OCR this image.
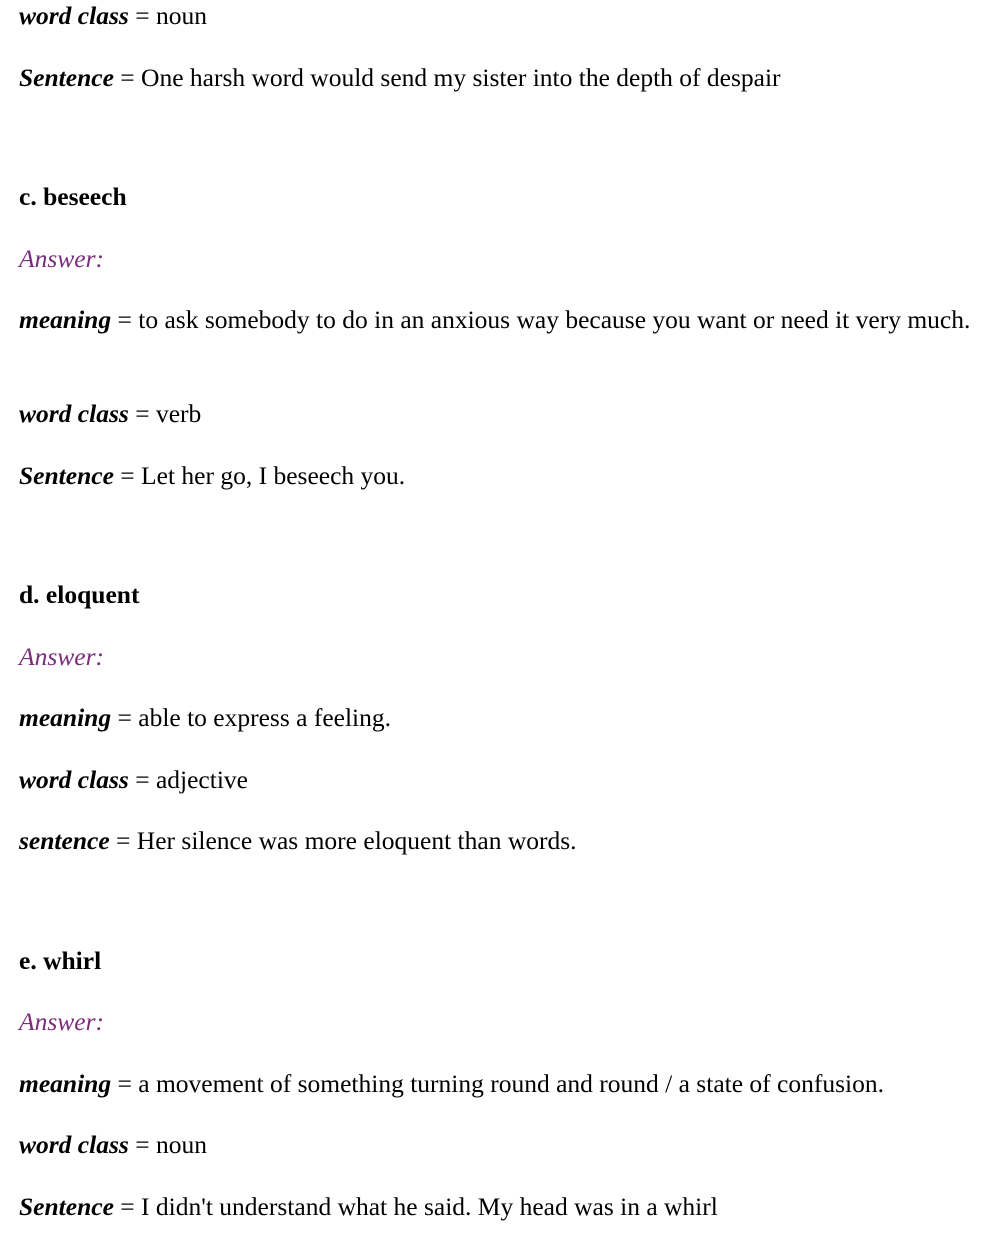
word class = noun
Sentence = One harsh word would send my sister into the depth of despair
c. beseech
Answer:
meaning = to ask somebody to do in an anxious way because you want or need it very much.
word class = verb
Sentence = Let her go, I beseech you.
d. eloquent
Answer:
meaning = able to express a feeling.
word class = adjective
sentence = Her silence was more eloquent than words.
e. whirl
Answer:
meaning = a movement of something turning round and round / a state of confusion.
word class = noun
Sentence = I didn't understand what he said. My head was in a whirl
